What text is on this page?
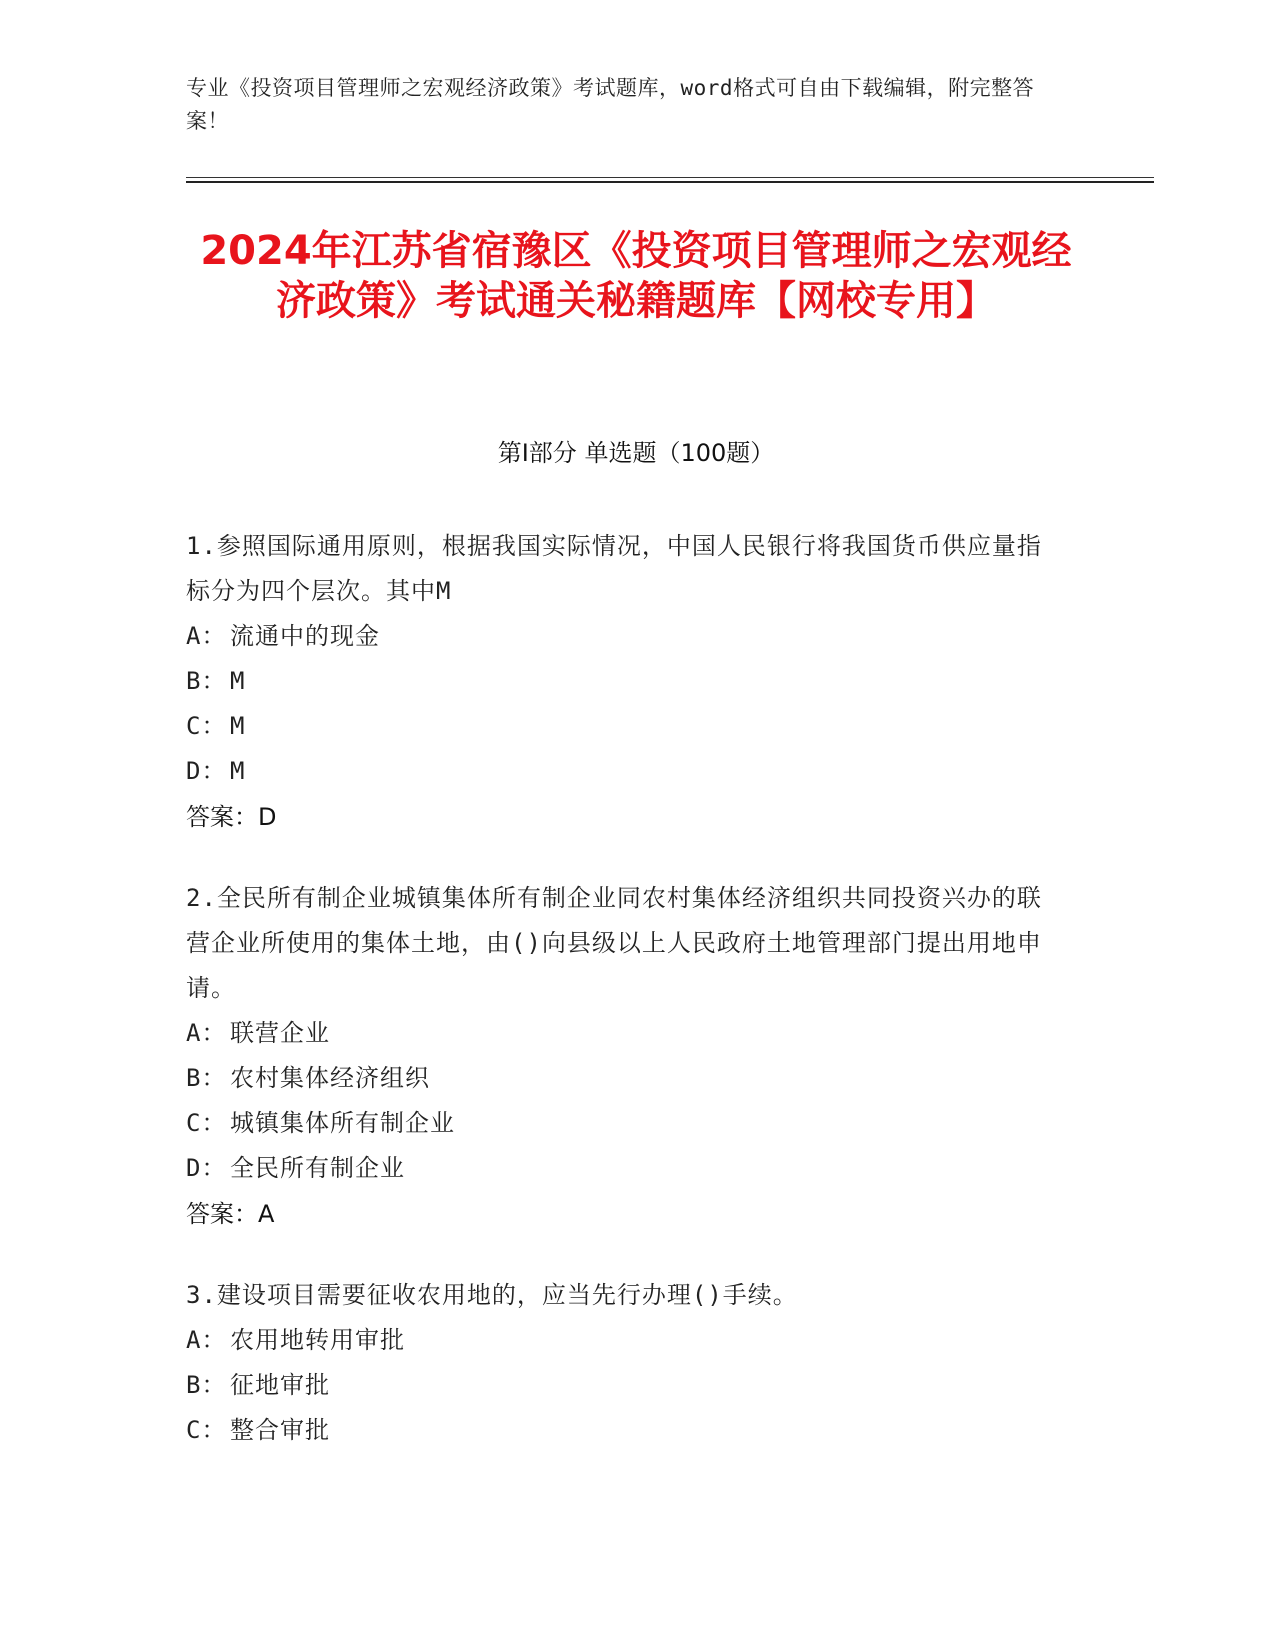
专业《投资项目管理师之宏观经济政策》考试题库，word格式可自由下载编辑，附完整答案！
2024年江苏省宿豫区《投资项目管理师之宏观经济政策》考试通关秘籍题库【网校专用】
第I部分 单选题（100题）
1.参照国际通用原则，根据我国实际情况，中国人民银行将我国货币供应量指标分为四个层次。其中M
A： 流通中的现金
B： M
C： M
D： M
答案：D
2.全民所有制企业城镇集体所有制企业同农村集体经济组织共同投资兴办的联营企业所使用的集体土地，由()向县级以上人民政府土地管理部门提出用地申请。
A： 联营企业
B： 农村集体经济组织
C： 城镇集体所有制企业
D： 全民所有制企业
答案：A
3.建设项目需要征收农用地的，应当先行办理()手续。
A： 农用地转用审批
B： 征地审批
C： 整合审批
